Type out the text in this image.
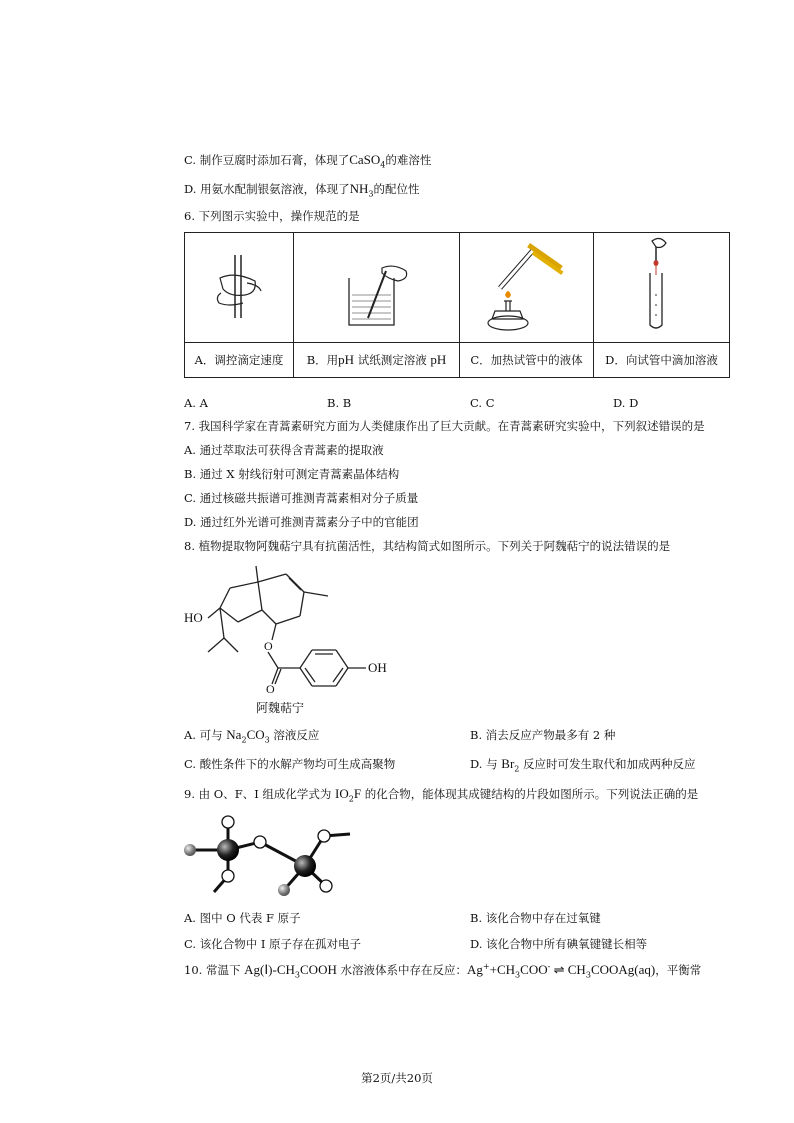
C. 制作豆腐时添加石膏，体现了CaSO$_4$的难溶性
D. 用氨水配制银氨溶液，体现了$NH_3$的配位性
6. 下列图示实验中，操作规范的是

A．调控滴定速度	B．用pH 试纸测定溶液 pH	C．加热试管中的液体	D．向试管中滴加溶液
A. A	B. B	C. C	D. D
7. 我国科学家在青蒿素研究方面为人类健康作出了巨大贡献。在青蒿素研究实验中，下列叙述错误的是
A. 通过萃取法可获得含青蒿素的提取液
B. 通过 X 射线衍射可测定青蒿素晶体结构
C. 通过核磁共振谱可推测青蒿素相对分子质量
D. 通过红外光谱可推测青蒿素分子中的官能团
8. 植物提取物阿魏萜宁具有抗菌活性，其结构简式如图所示。下列关于阿魏萜宁的说法错误的是
HO
O
O
OH
阿魏萜宁
A. 可与 $Na_2CO_3$ 溶液反应	B. 消去反应产物最多有 2 种
C. 酸性条件下的水解产物均可生成高聚物	D. 与 $Br_2$ 反应时可发生取代和加成两种反应
9. 由 O、F、I 组成化学式为 $IO_2F$ 的化合物，能体现其成键结构的片段如图所示。下列说法正确的是
A. 图中 O 代表 F 原子	B. 该化合物中存在过氧键
C. 该化合物中 I 原子存在孤对电子	D. 该化合物中所有碘氧键键长相等
10. 常温下 $Ag(Ⅰ)-CH_3COOH$ 水溶液体系中存在反应：$Ag^++CH_3COO^-$ ⇌ $CH_3COOAg(aq)$，平衡常
第2页/共20页
